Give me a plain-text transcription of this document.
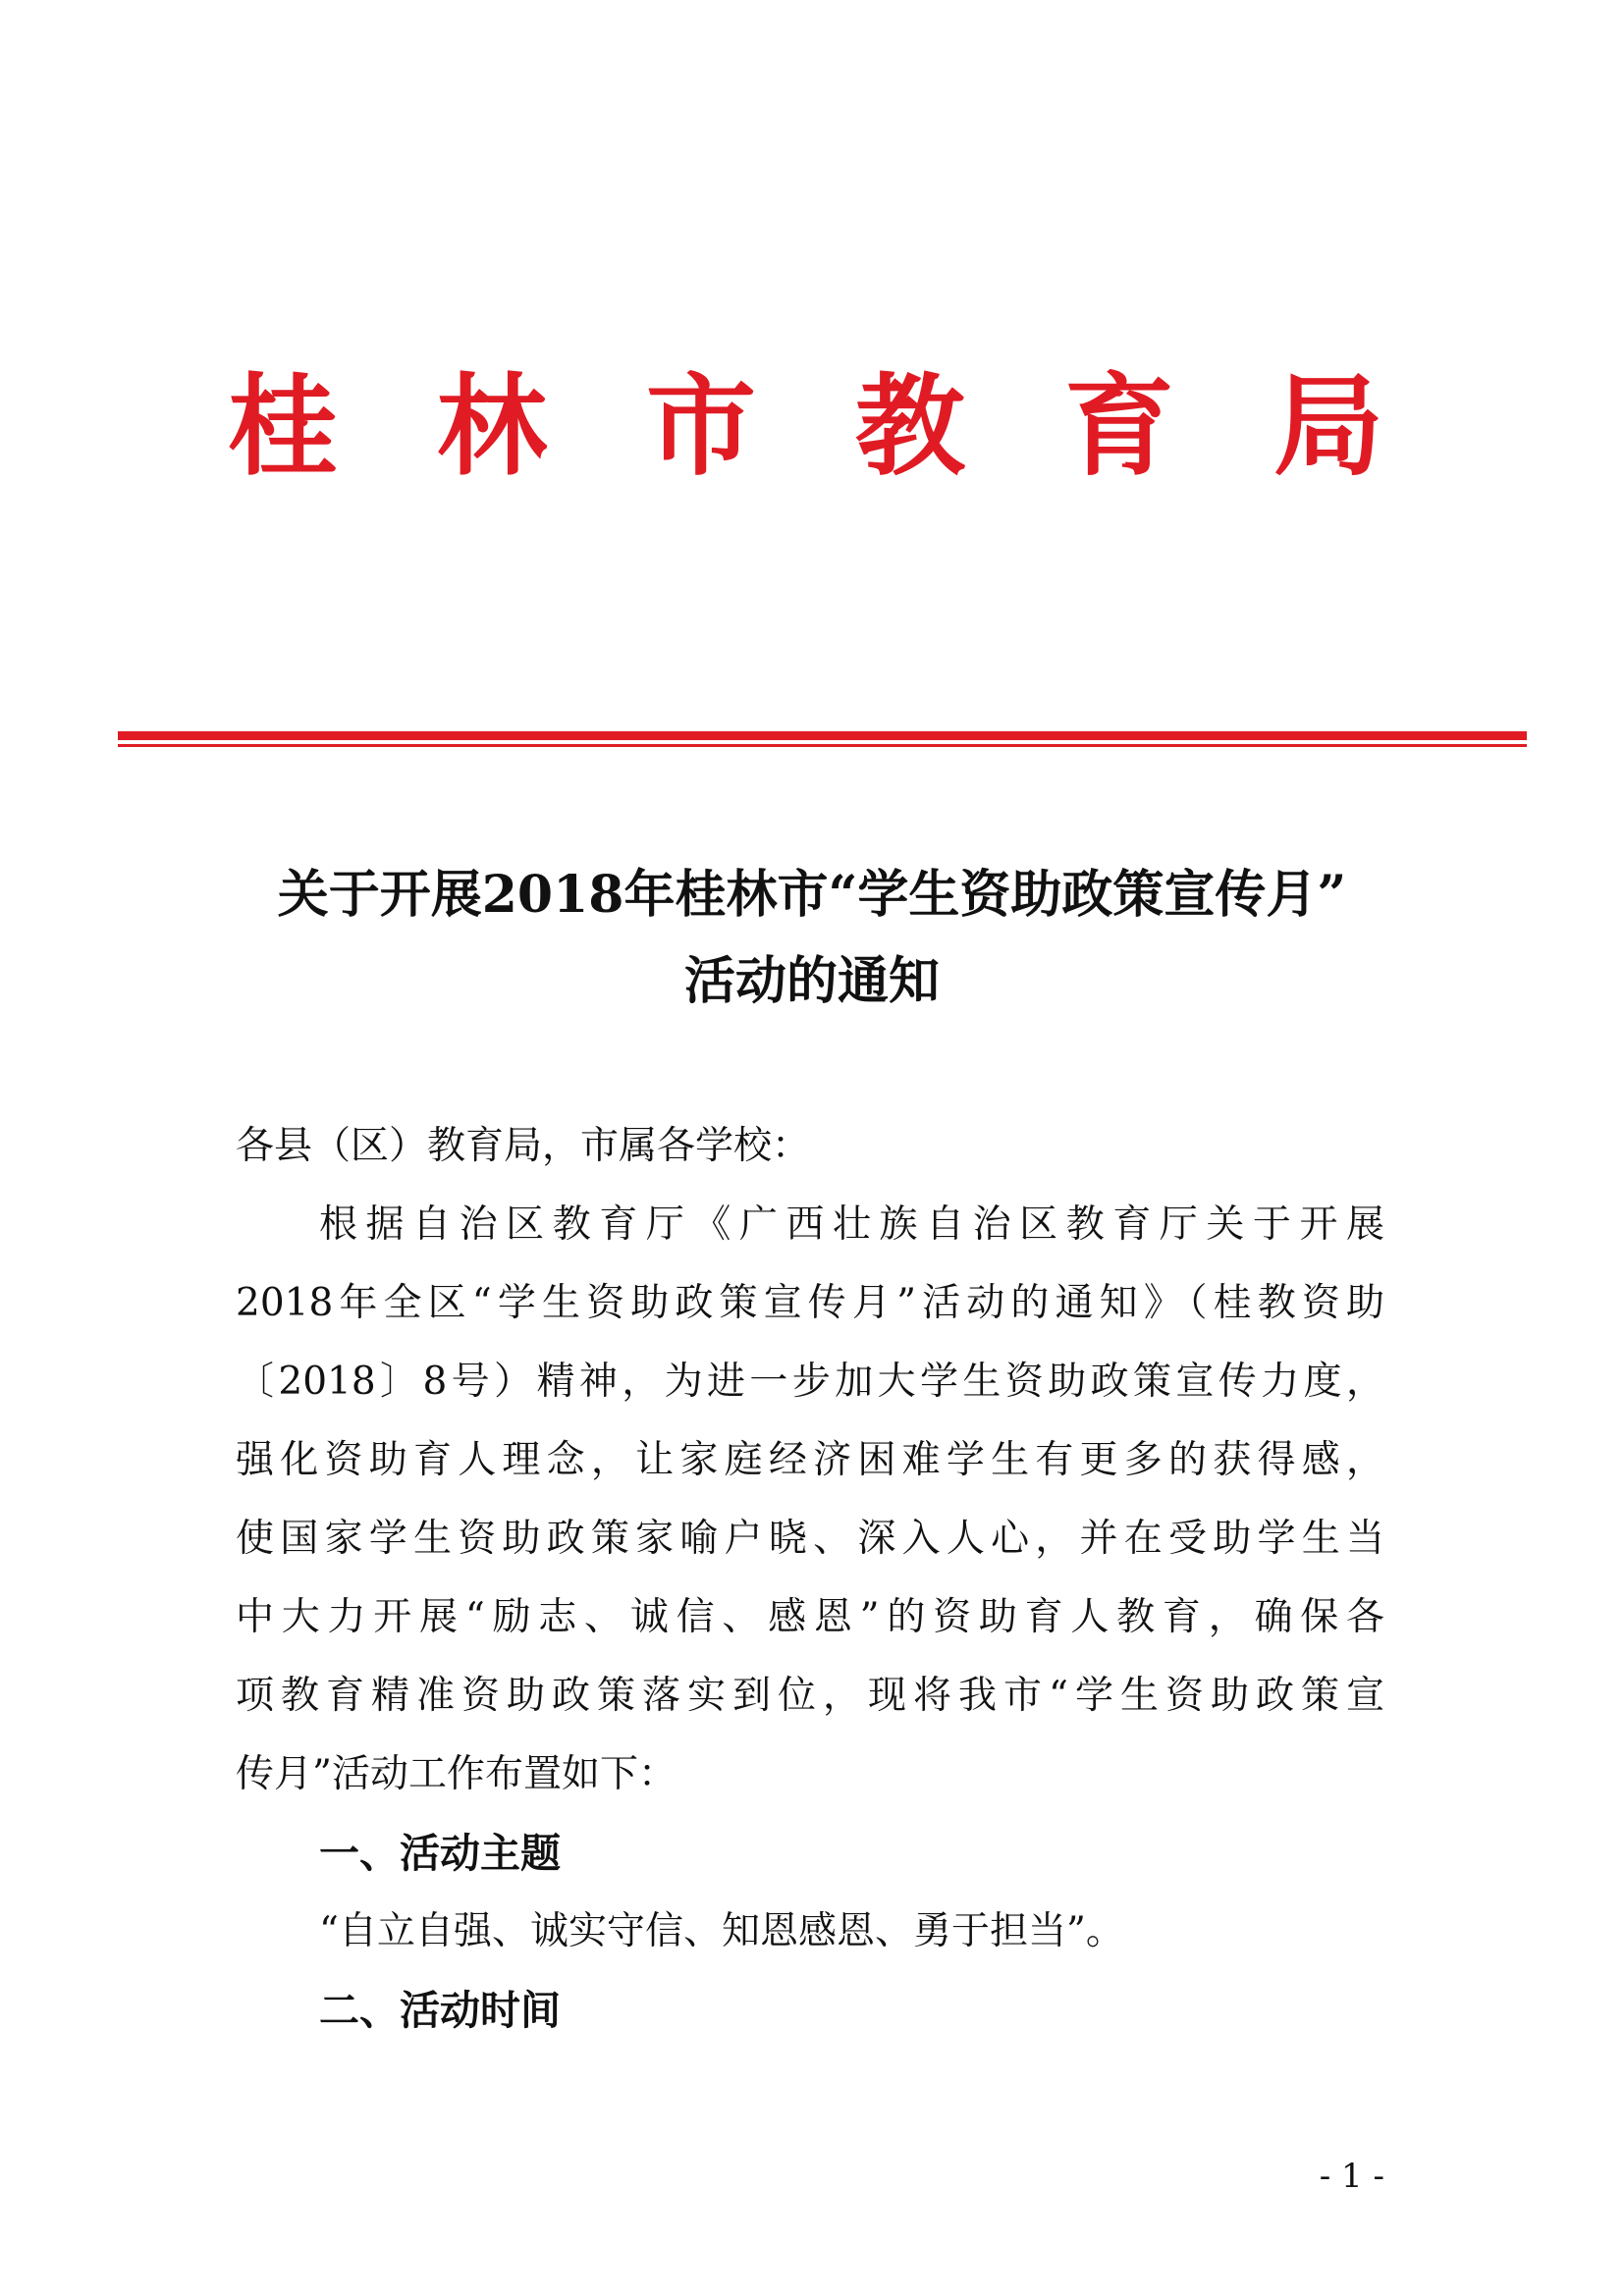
桂 林 市 教 育 局
关于开展2018年桂林市“学生资助政策宣传月”
活动的通知
各县（区）教育局，市属各学校：
根据自治区教育厅《广西壮族自治区教育厅关于开展
2018年全区“学生资助政策宣传月”活动的通知》（桂教资助
〔2018〕8号）精神，为进一步加大学生资助政策宣传力度，
强化资助育人理念，让家庭经济困难学生有更多的获得感，
使国家学生资助政策家喻户晓、深入人心，并在受助学生当
中大力开展“励志、诚信、感恩”的资助育人教育，确保各
项教育精准资助政策落实到位，现将我市“学生资助政策宣
传月”活动工作布置如下：
一、活动主题
“自立自强、诚实守信、知恩感恩、勇于担当”。
二、活动时间
- 1 -
